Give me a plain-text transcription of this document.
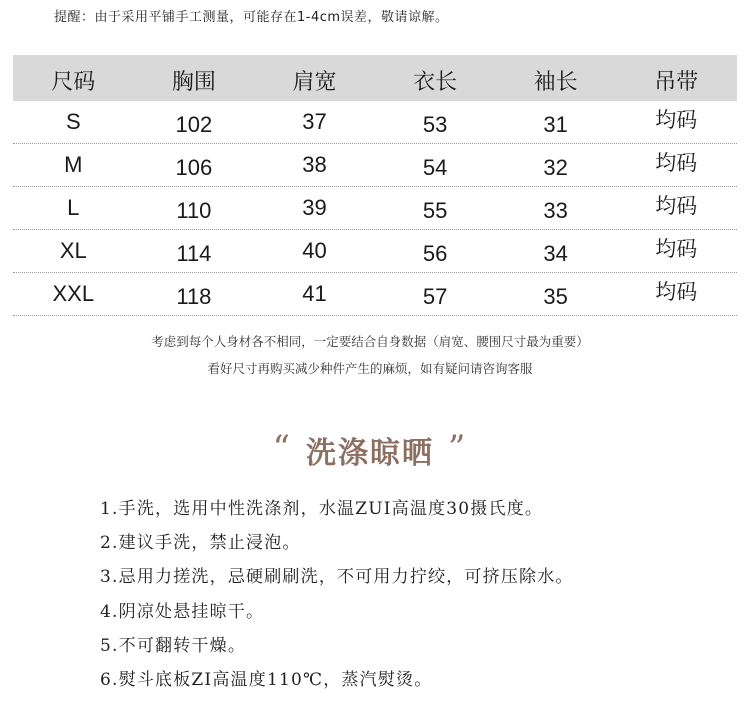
提醒：由于采用平铺手工测量，可能存在1-4cm误差，敬请谅解。
尺码	胸围	肩宽	衣长	袖长	吊带
S	102	37	53	31	均码
M	106	38	54	32	均码
L	110	39	55	33	均码
XL	114	40	56	34	均码
XXL	118	41	57	35	均码
考虑到每个人身材各不相同，一定要结合自身数据（肩宽、腰围尺寸最为重要）
看好尺寸再购买减少种件产生的麻烦，如有疑问请咨询客服
“ 洗涤晾晒 ”
1.手洗，选用中性洗涤剂，水温ZUI高温度30摄氏度。
2.建议手洗，禁止浸泡。
3.忌用力搓洗，忌硬刷刷洗，不可用力拧绞，可挤压除水。
4.阴凉处悬挂晾干。
5.不可翻转干燥。
6.熨斗底板ZI高温度110℃，蒸汽熨烫。
